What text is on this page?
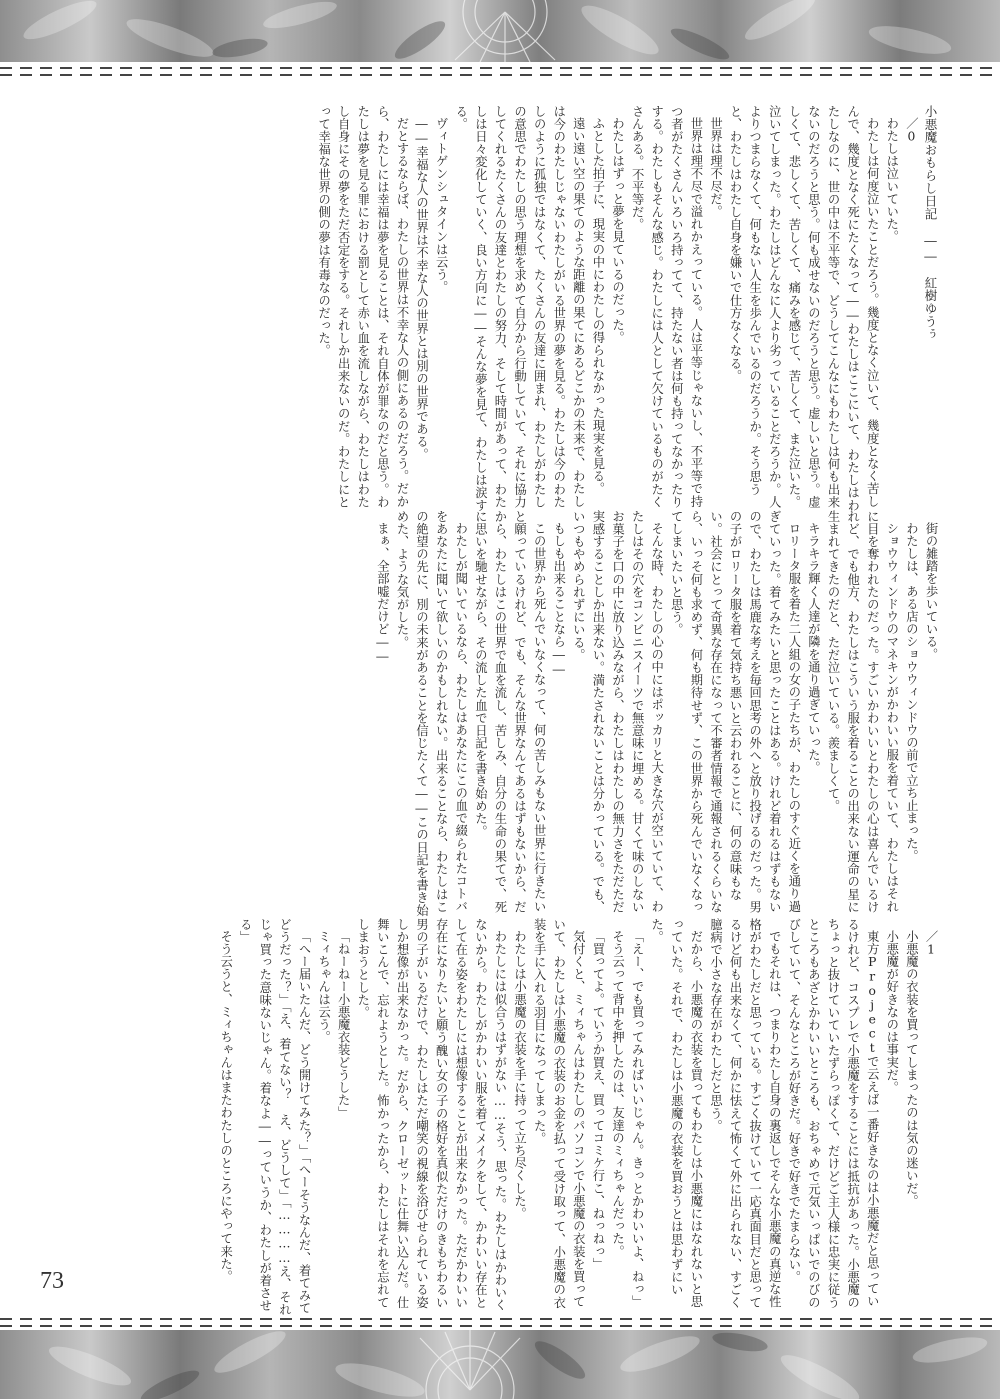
小悪魔おもらし日記　――　紅樹ゆうぅ

／0

わたしは泣いていた。

わたしは何度泣いたことだろう。幾度となく泣いて、幾度となく苦しんで、幾度となく死にたくなって――わたしはここにいて、わたしはわたしなのに、世の中は不平等で、どうしてこんなにもわたしは何も出来ないのだろうと思う。何も成せないのだろうと思う。虚しいと思う。虚しくて、悲しくて、苦しくて、痛みを感じて、苦しくて、また泣いた。泣いてしまった。わたしはどんなに人より劣っていることだろうか。人よりつまらなくて、何もない人生を歩んでいるのだろうか。そう思うと、わたしはわたし自身を嫌いで仕方なくなる。

世界は理不尽だ。

世界は理不尽で溢れかえっている。人は平等じゃないし、不平等で持つ者がたくさんいろいろ持ってて、持たない者は何も持ってなかったりする。わたしもそんな感じ。わたしには人として欠けているものがたくさんある。不平等だ。

わたしはずっと夢を見ているのだった。

ふとした拍子に、現実の中にわたしの得られなかった現実を見る。

遠い遠い空の果てのような距離の果てにあるどこかの未来で、わたしは今のわたしじゃないわたしがいる世界の夢を見る。わたしは今のわたしのように孤独ではなくて、たくさんの友達に囲まれ、わたしがわたしの意思でわたしの思う理想を求めて自分から行動していて、それに協力してくれるたくさんの友達とわたしの努力、そして時間があって、わたしは日々変化していく、良い方向に――そんな夢を見て、わたしは涙する。

ヴィトゲンシュタインは云う。

――幸福な人の世界は不幸な人の世界とは別の世界である。

だとするならば、わたしの世界は不幸な人の側にあるのだろう。だから、わたしには幸福は夢を見ることは、それ自体が罪なのだと思う。わたしは夢を見る罪における罰として赤い血を流しながら、わたしはわたし自身にその夢をただ否定をする。それしか出来ないのだ。わたしにとって幸福な世界の側の夢は有毒なのだった。

街の雑踏を歩いている。

わたしは、ある店のショウウィンドウの前で立ち止まった。

ショウウィンドウのマネキンがかわいい服を着ていて、わたしはそれに目を奪われたのだった。すごいかわいいとわたしの心は喜んでいるけれど、でも他方、わたしはこういう服を着ることの出来ない運命の星に生まれてきたのだと、ただ泣いている。羨ましくて。

キラキラ輝く人達が隣を通り過ぎていった。

ロリータ服を着た二人組の女の子たちが、わたしのすぐ近くを通り過ぎていった。着てみたいと思ったことはある。けれど着れるはずもないので、わたしは馬鹿な考えを毎回思考の外へと放り投げるのだった。男の子がロリータ服を着て気持ち悪いと云われることに、何の意味もない。社会にとって奇異な存在になって不審者情報で通報されるくらいなら、いっそ何も求めず、何も期待せず、この世界から死んでいなくなってしまいたいと思う。

そんな時、わたしの心の中にはポッカリと大きな穴が空いていて、わたしはその穴をコンビニスイーツで無意味に埋める。甘くて味のしないお菓子を口の中に放り込みながら、わたしはわたしの無力さをただただ実感することしか出来ない。満たされないことは分かっている。でも、いつもやめられずにいる。

もしも出来ることなら――

この世界から死んでいなくなって、何の苦しみもない世界に行きたいと願っているけれど、でも、そんな世界なんてあるはずもないから、だから、わたしはこの世界で血を流し、苦しみ、自分の生命の果てで、死に思いを馳せながら、その流した血で日記を書き始めた。

わたしが聞いているなら、わたしはあなたにこの血で綴られたコトバをあなたに聞いて欲しいのかもしれない。出来ることなら、わたしはこの絶望の先に、別の未来があることを信じたくて――この日記を書き始めた、ような気がした。

まぁ、全部嘘だけど――

／1

小悪魔の衣装を買ってしまったのは気の迷いだ。

小悪魔が好きなのは事実だ。

東方Projectで云えば一番好きなのは小悪魔だと思っているけれど、コスプレで小悪魔をすることには抵抗があった。小悪魔のちょっと抜けていていたずらっぽくて、だけどご主人様に忠実に従うところもあざとかわいいところも、おちゃめで元気いっぱいでのびのびしていて、そんなところが好きだ。好きで好きでたまらない。

でもそれは、つまりわたし自身の裏返しでそんな小悪魔の真逆な性格がわたしだと思っている。すごく抜けていて一応真面目だと思ってるけど何も出来なくて、何かに怯えて怖くて外に出られない、すごく臆病で小さな存在がわたしだと思う。

だから、小悪魔の衣装を買ってもわたしは小悪魔にはなれないと思っていた。それで、わたしは小悪魔の衣装を買おうとは思わずにいた。

「えー、でも買ってみればいいじゃん。きっとかわいいよ、ねっ」

そう云って背中を押したのは、友達のミィちゃんだった。

「買ってよ。ていうか買え、買ってコミケ行こ、ねっねっ」

気付くと、ミィちゃんはわたしのパソコンで小悪魔の衣装を買っていて、わたしは小悪魔の衣装のお金を払って受け取って、小悪魔の衣装を手に入れる羽目になってしまった。

わたしは小悪魔の衣装を手に持って立ち尽くした。

わたしには似合うはずがない……そう、思った。わたしはかわいくないから。わたしがかわいい服を着てメイクをして、かわいい存在として在る姿をわたしには想像することが出来なかった。ただかわいい存在になりたいと願う醜い女の子の格好を真似ただけのきもちわるい男の子がいるだけで、わたしはただ嘲笑の視線を浴びせられている姿しか想像が出来なかった。だから、クローゼットに仕舞い込んだ。仕舞いこんで、忘れようとした。怖かったから、わたしはそれを忘れてしまおうとした。

「ねーねー小悪魔衣装どうした」

ミィちゃんは云う。

「へー届いたんだ、どう開けてみた？」「へーそうなんだ、着てみてどうだった？」「え、着てない？　え、どうして」「…………え、それじゃ買った意味ないじゃん。着なよ――っていうか、わたしが着させる」

そう云うと、ミィちゃんはまたわたしのところにやって来た。

73
